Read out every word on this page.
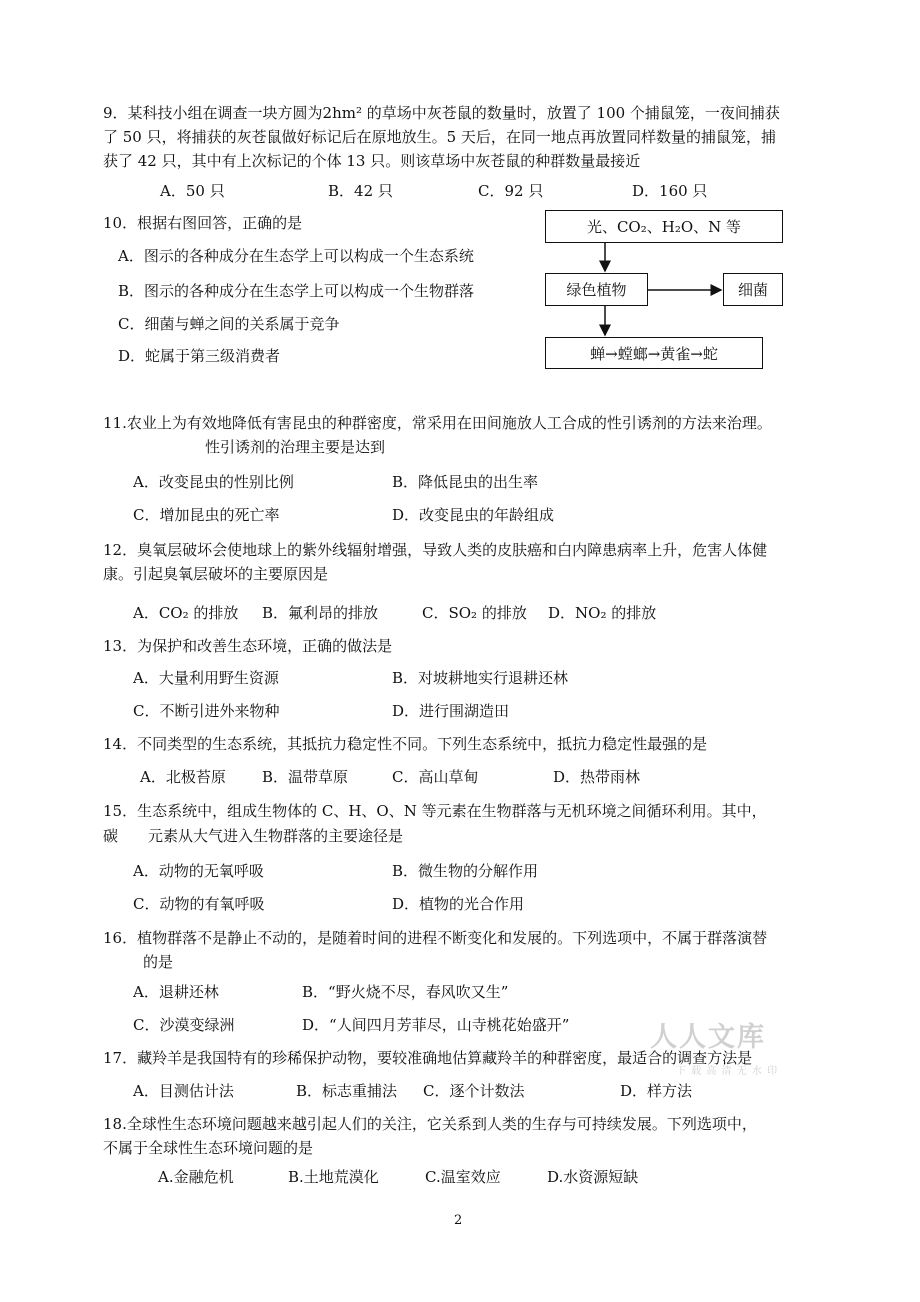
9．某科技小组在调查一块方圆为2hm² 的草场中灰苍鼠的数量时，放置了 100 个捕鼠笼，一夜间捕获
了 50 只，将捕获的灰苍鼠做好标记后在原地放生。5 天后，在同一地点再放置同样数量的捕鼠笼，捕
获了 42 只，其中有上次标记的个体 13 只。则该草场中灰苍鼠的种群数量最接近
A．50 只	B．42 只	C．92 只	D．160 只
10．根据右图回答，正确的是
A．图示的各种成分在生态学上可以构成一个生态系统
B．图示的各种成分在生态学上可以构成一个生物群落
C．细菌与蝉之间的关系属于竞争
D．蛇属于第三级消费者
光、CO₂、H₂O、N 等
绿色植物	细菌
蝉→螳螂→黄雀→蛇
11.农业上为有效地降低有害昆虫的种群密度，常采用在田间施放人工合成的性引诱剂的方法来治理。
性引诱剂的治理主要是达到
A．改变昆虫的性别比例	B．降低昆虫的出生率
C．增加昆虫的死亡率	D．改变昆虫的年龄组成
12．臭氧层破坏会使地球上的紫外线辐射增强，导致人类的皮肤癌和白内障患病率上升，危害人体健
康。引起臭氧层破坏的主要原因是
A．CO₂ 的排放 B．氟利昂的排放	C．SO₂ 的排放 D．NO₂ 的排放
13．为保护和改善生态环境，正确的做法是
A．大量利用野生资源	B．对坡耕地实行退耕还林
C．不断引进外来物种	D．进行围湖造田
14．不同类型的生态系统，其抵抗力稳定性不同。下列生态系统中，抵抗力稳定性最强的是
A．北极苔原 B．温带草原	C．高山草甸	D．热带雨林
15．生态系统中，组成生物体的 C、H、O、N 等元素在生物群落与无机环境之间循环利用。其中，
碳 元素从大气进入生物群落的主要途径是
A．动物的无氧呼吸	B．微生物的分解作用
C．动物的有氧呼吸	D．植物的光合作用
16．植物群落不是静止不动的，是随着时间的进程不断变化和发展的。下列选项中，不属于群落演替
的是
A．退耕还林	B．“野火烧不尽，春风吹又生”
C．沙漠变绿洲	D．“人间四月芳菲尽，山寺桃花始盛开”	人人文库
下 载 高 清 无 水 印
17．藏羚羊是我国特有的珍稀保护动物，要较准确地估算藏羚羊的种群密度，最适合的调查方法是
A．目测估计法	B．标志重捕法 C．逐个计数法	D．样方法
18.全球性生态环境问题越来越引起人们的关注，它关系到人类的生存与可持续发展。下列选项中，
不属于全球性生态环境问题的是
A.金融危机	B.土地荒漠化	C.温室效应	D.水资源短缺
2
